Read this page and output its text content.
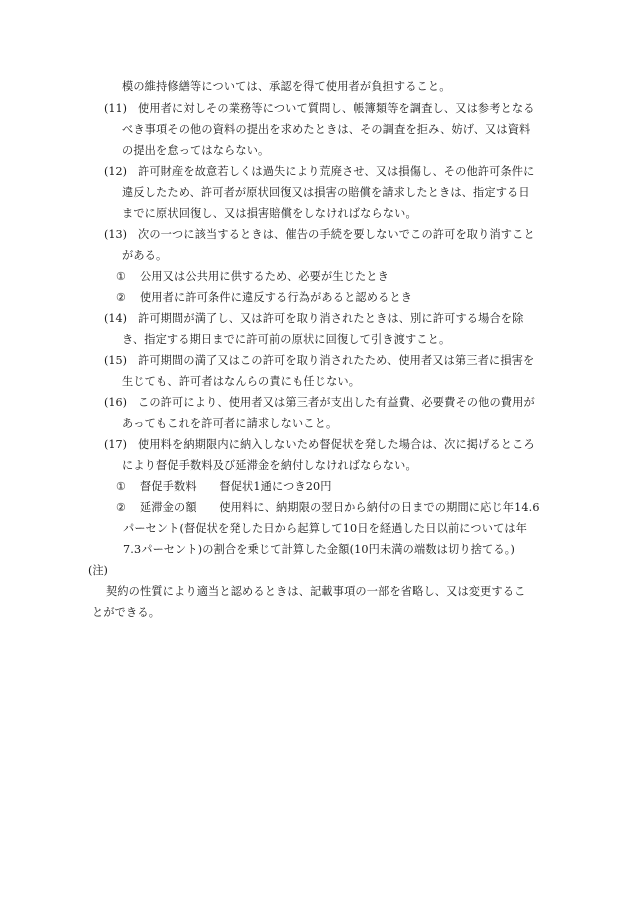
模の維持修繕等については、承認を得て使用者が負担すること。
(11) 使用者に対しその業務等について質問し、帳簿類等を調査し、又は参考となる
べき事項その他の資料の提出を求めたときは、その調査を拒み、妨げ、又は資料
の提出を怠ってはならない。
(12) 許可財産を故意若しくは過失により荒廃させ、又は損傷し、その他許可条件に
違反したため、許可者が原状回復又は損害の賠償を請求したときは、指定する日
までに原状回復し、又は損害賠償をしなければならない。
(13) 次の一つに該当するときは、催告の手続を要しないでこの許可を取り消すこと
がある。
① 公用又は公共用に供するため、必要が生じたとき
② 使用者に許可条件に違反する行為があると認めるとき
(14) 許可期間が満了し、又は許可を取り消されたときは、別に許可する場合を除
き、指定する期日までに許可前の原状に回復して引き渡すこと。
(15) 許可期間の満了又はこの許可を取り消されたため、使用者又は第三者に損害を
生じても、許可者はなんらの責にも任じない。
(16) この許可により、使用者又は第三者が支出した有益費、必要費その他の費用が
あってもこれを許可者に請求しないこと。
(17) 使用料を納期限内に納入しないため督促状を発した場合は、次に掲げるところ
により督促手数料及び延滞金を納付しなければならない。
① 督促手数料　　督促状1通につき20円
② 延滞金の額　　使用料に、納期限の翌日から納付の日までの期間に応じ年14.6
パーセント(督促状を発した日から起算して10日を経過した日以前については年
7.3パーセント)の割合を乗じて計算した金額(10円未満の端数は切り捨てる。)
(注)
契約の性質により適当と認めるときは、記載事項の一部を省略し、又は変更するこ
とができる。
